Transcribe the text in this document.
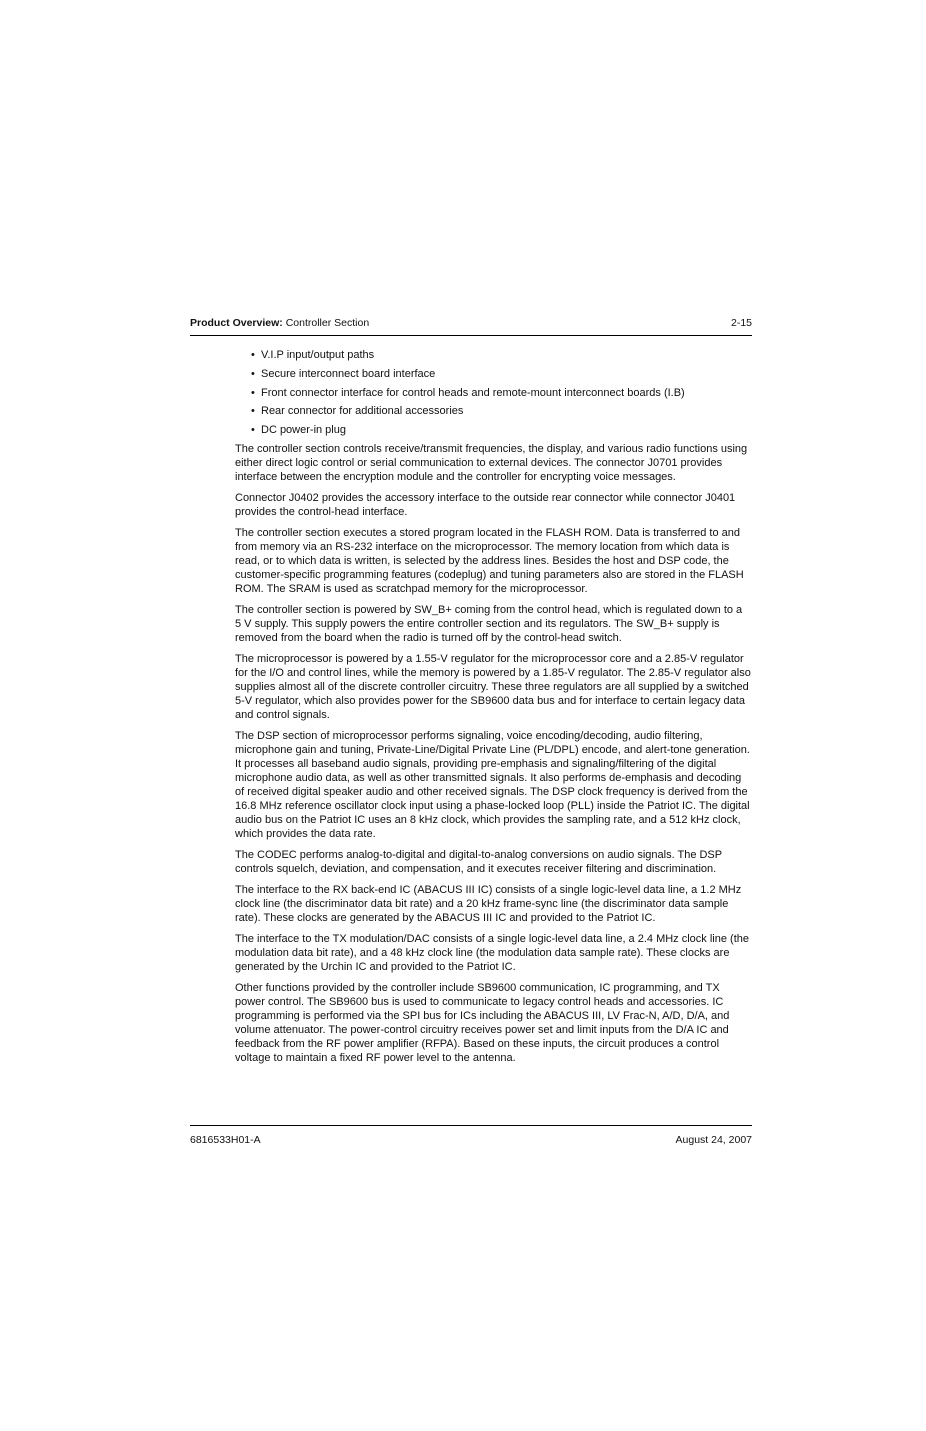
Product Overview: Controller Section	2-15
• V.I.P input/output paths
• Secure interconnect board interface
• Front connector interface for control heads and remote-mount interconnect boards (I.B)
• Rear connector for additional accessories
• DC power-in plug

The controller section controls receive/transmit frequencies, the display, and various radio functions using either direct logic control or serial communication to external devices. The connector J0701 provides interface between the encryption module and the controller for encrypting voice messages.

Connector J0402 provides the accessory interface to the outside rear connector while connector J0401 provides the control-head interface.

The controller section executes a stored program located in the FLASH ROM. Data is transferred to and from memory via an RS-232 interface on the microprocessor. The memory location from which data is read, or to which data is written, is selected by the address lines. Besides the host and DSP code, the customer-specific programming features (codeplug) and tuning parameters also are stored in the FLASH ROM. The SRAM is used as scratchpad memory for the microprocessor.

The controller section is powered by SW_B+ coming from the control head, which is regulated down to a 5 V supply. This supply powers the entire controller section and its regulators. The SW_B+ supply is removed from the board when the radio is turned off by the control-head switch.

The microprocessor is powered by a 1.55-V regulator for the microprocessor core and a 2.85-V regulator for the I/O and control lines, while the memory is powered by a 1.85-V regulator. The 2.85-V regulator also supplies almost all of the discrete controller circuitry. These three regulators are all supplied by a switched 5-V regulator, which also provides power for the SB9600 data bus and for interface to certain legacy data and control signals.

The DSP section of microprocessor performs signaling, voice encoding/decoding, audio filtering, microphone gain and tuning, Private-Line/Digital Private Line (PL/DPL) encode, and alert-tone generation. It processes all baseband audio signals, providing pre-emphasis and signaling/filtering of the digital microphone audio data, as well as other transmitted signals. It also performs de-emphasis and decoding of received digital speaker audio and other received signals. The DSP clock frequency is derived from the 16.8 MHz reference oscillator clock input using a phase-locked loop (PLL) inside the Patriot IC. The digital audio bus on the Patriot IC uses an 8 kHz clock, which provides the sampling rate, and a 512 kHz clock, which provides the data rate.

The CODEC performs analog-to-digital and digital-to-analog conversions on audio signals. The DSP controls squelch, deviation, and compensation, and it executes receiver filtering and discrimination.

The interface to the RX back-end IC (ABACUS III IC) consists of a single logic-level data line, a 1.2 MHz clock line (the discriminator data bit rate) and a 20 kHz frame-sync line (the discriminator data sample rate). These clocks are generated by the ABACUS III IC and provided to the Patriot IC.

The interface to the TX modulation/DAC consists of a single logic-level data line, a 2.4 MHz clock line (the modulation data bit rate), and a 48 kHz clock line (the modulation data sample rate). These clocks are generated by the Urchin IC and provided to the Patriot IC.

Other functions provided by the controller include SB9600 communication, IC programming, and TX power control. The SB9600 bus is used to communicate to legacy control heads and accessories. IC programming is performed via the SPI bus for ICs including the ABACUS III, LV Frac-N, A/D, D/A, and volume attenuator. The power-control circuitry receives power set and limit inputs from the D/A IC and feedback from the RF power amplifier (RFPA). Based on these inputs, the circuit produces a control voltage to maintain a fixed RF power level to the antenna.

6816533H01-A	August 24, 2007
